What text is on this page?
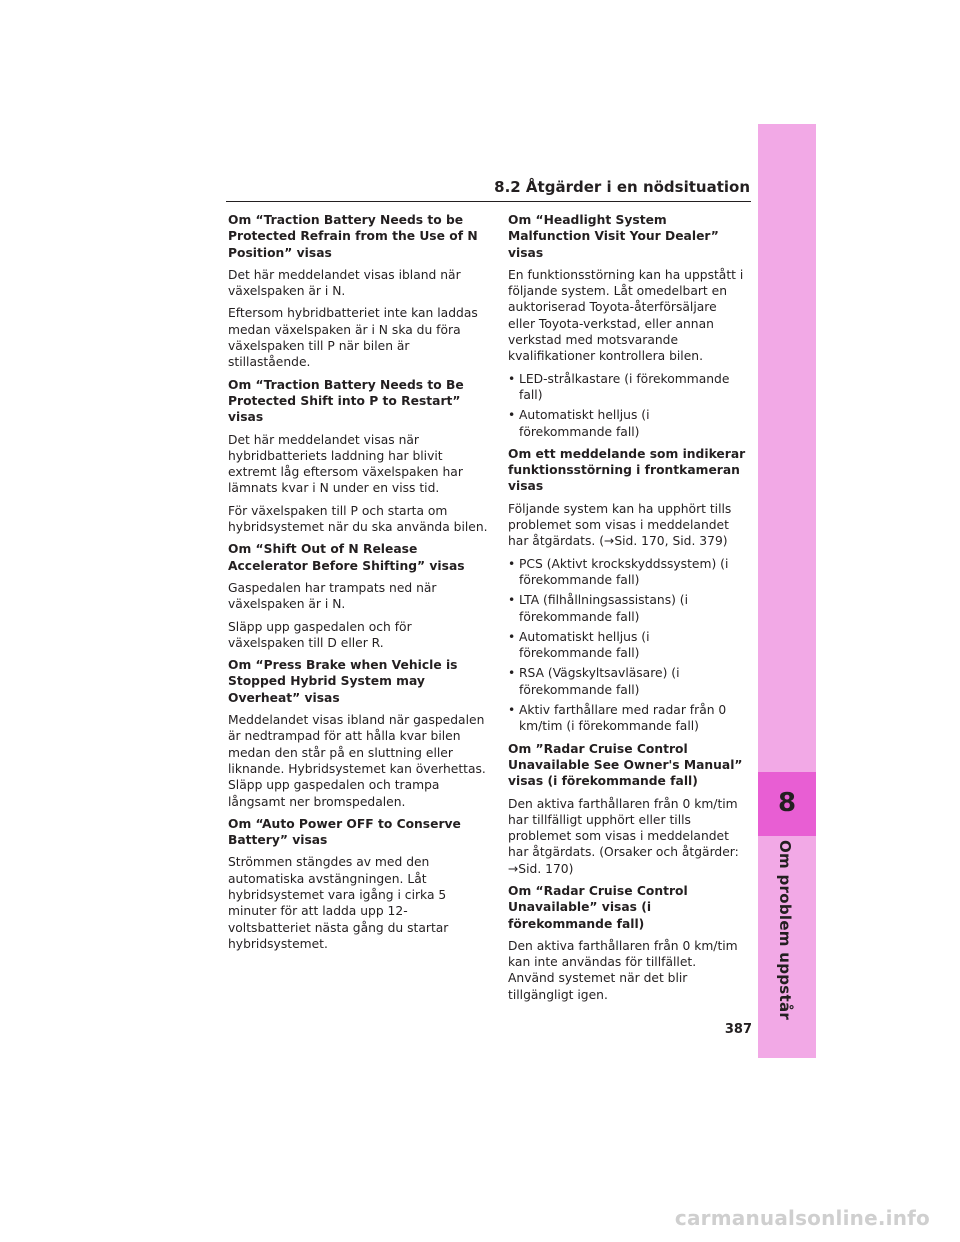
8
Om problem uppstår
8.2 Åtgärder i en nödsituation

Om “Traction Battery Needs to be Protected Refrain from the Use of N Position” visas

Det här meddelandet visas ibland när växelspaken är i N.

Eftersom hybridbatteriet inte kan laddas medan växelspaken är i N ska du föra växelspaken till P när bilen är stillastående.

Om “Traction Battery Needs to Be Protected Shift into P to Restart” visas

Det här meddelandet visas när hybridbatteriets laddning har blivit extremt låg eftersom växelspaken har lämnats kvar i N under en viss tid.

För växelspaken till P och starta om hybridsystemet när du ska använda bilen.

Om “Shift Out of N Release Accelerator Before Shifting” visas

Gaspedalen har trampats ned när växelspaken är i N.

Släpp upp gaspedalen och för växelspaken till D eller R.

Om “Press Brake when Vehicle is Stopped Hybrid System may Overheat” visas

Meddelandet visas ibland när gaspedalen är nedtrampad för att hålla kvar bilen medan den står på en sluttning eller liknande. Hybridsystemet kan överhettas. Släpp upp gaspedalen och trampa långsamt ner bromspedalen.

Om “Auto Power OFF to Conserve Battery” visas

Strömmen stängdes av med den automatiska avstängningen. Låt hybridsystemet vara igång i cirka 5 minuter för att ladda upp 12-voltsbatteriet nästa gång du startar hybridsystemet.

Om “Headlight System Malfunction Visit Your Dealer” visas

En funktionsstörning kan ha uppstått i följande system. Låt omedelbart en auktoriserad Toyota-återförsäljare eller Toyota-verkstad, eller annan verkstad med motsvarande kvalifikationer kontrollera bilen.

• LED-strålkastare (i förekommande fall)
• Automatiskt helljus (i förekommande fall)

Om ett meddelande som indikerar funktionsstörning i frontkameran visas

Följande system kan ha upphört tills problemet som visas i meddelandet har åtgärdats. (→Sid. 170, Sid. 379)

• PCS (Aktivt krockskyddssystem) (i förekommande fall)
• LTA (filhållningsassistans) (i förekommande fall)
• Automatiskt helljus (i förekommande fall)
• RSA (Vägskyltsavläsare) (i förekommande fall)
• Aktiv farthållare med radar från 0 km/tim (i förekommande fall)

Om ”Radar Cruise Control Unavailable See Owner's Manual” visas (i förekommande fall)

Den aktiva farthållaren från 0 km/tim har tillfälligt upphört eller tills problemet som visas i meddelandet har åtgärdats. (Orsaker och åtgärder: →Sid. 170)

Om “Radar Cruise Control Unavailable” visas (i förekommande fall)

Den aktiva farthållaren från 0 km/tim kan inte användas för tillfället. Använd systemet när det blir tillgängligt igen.

387
carmanualsonline.info
